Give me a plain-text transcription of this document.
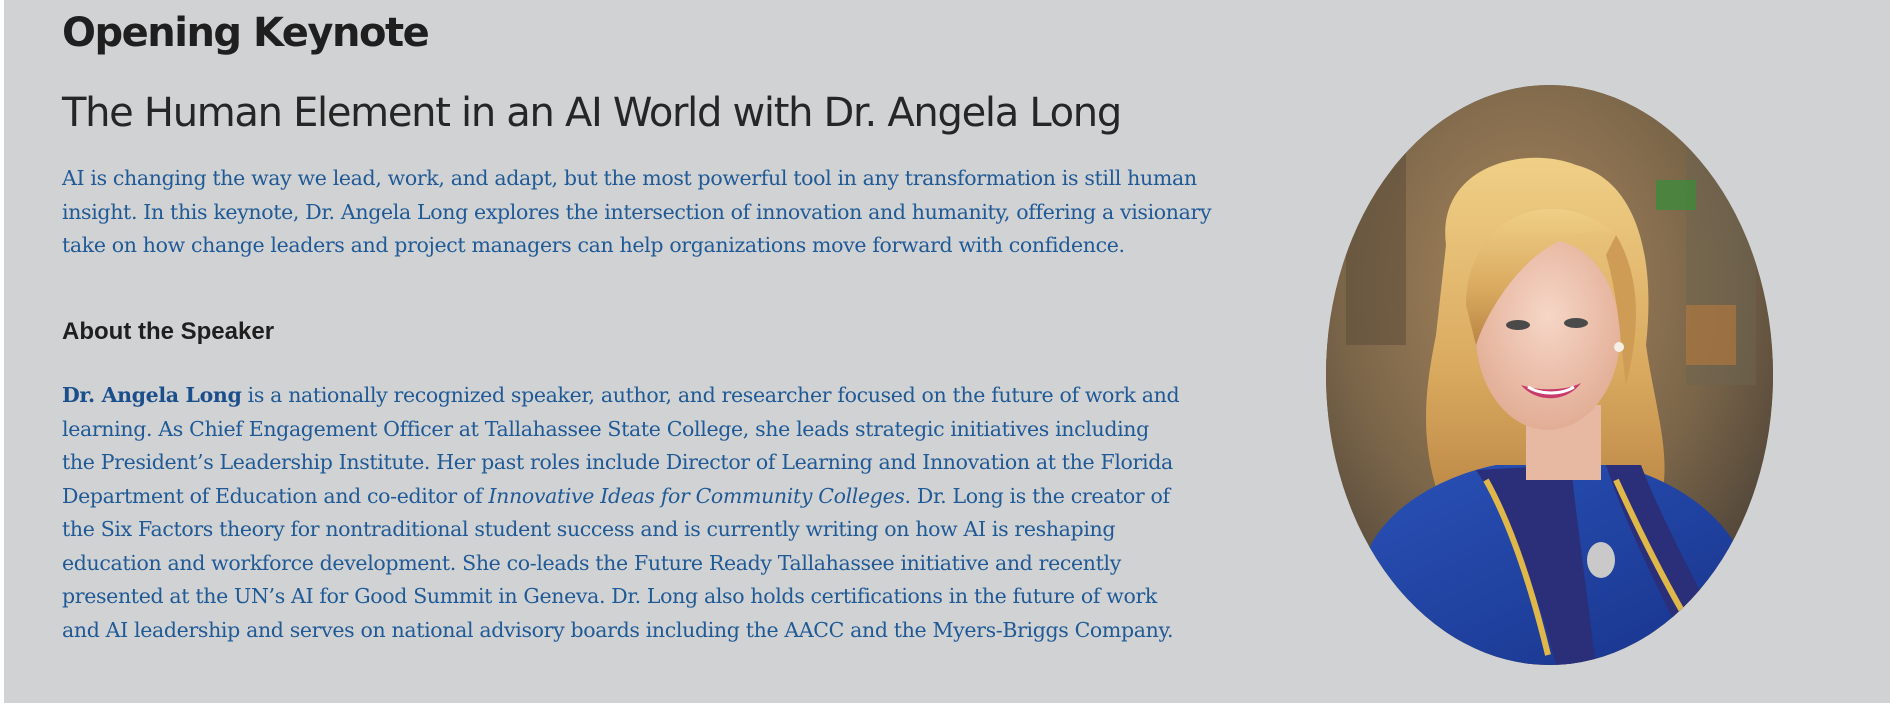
Opening Keynote
The Human Element in an AI World with Dr. Angela Long

AI is changing the way we lead, work, and adapt, but the most powerful tool in any transformation is still human insight. In this keynote, Dr. Angela Long explores the intersection of innovation and humanity, offering a visionary take on how change leaders and project managers can help organizations move forward with confidence.

About the Speaker

Dr. Angela Long is a nationally recognized speaker, author, and researcher focused on the future of work and learning. As Chief Engagement Officer at Tallahassee State College, she leads strategic initiatives including the President’s Leadership Institute. Her past roles include Director of Learning and Innovation at the Florida Department of Education and co-editor of Innovative Ideas for Community Colleges. Dr. Long is the creator of the Six Factors theory for nontraditional student success and is currently writing on how AI is reshaping education and workforce development. She co-leads the Future Ready Tallahassee initiative and recently presented at the UN’s AI for Good Summit in Geneva. Dr. Long also holds certifications in the future of work and AI leadership and serves on national advisory boards including the AACC and the Myers-Briggs Company.
